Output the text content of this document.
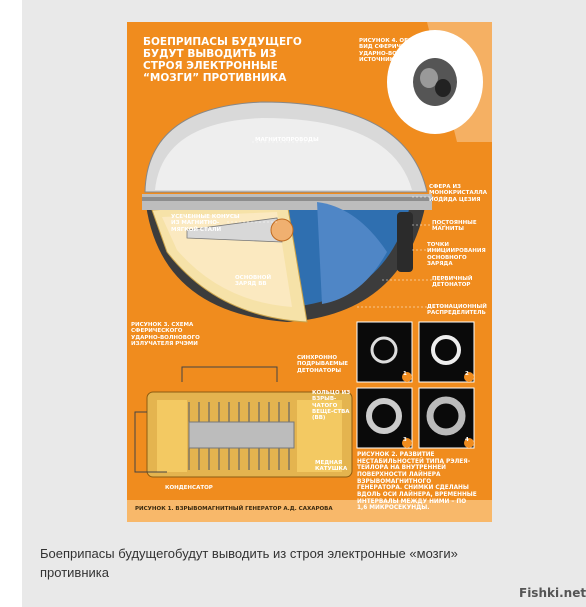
БОЕПРИПАСЫ БУДУЩЕГО БУДУТ ВЫВОДИТЬ ИЗ СТРОЯ ЭЛЕКТРОННЫЕ “МОЗГИ” ПРОТИВНИКА
РИСУНОК 4. ОБЩИЙ ВИД СФЕРИЧЕСКОГО УДАРНО-ВОЛНОВОГО ИСТОЧНИКА РЧЭМИ
МАГНИТОПРОВОДЫ
СФЕРА ИЗ МОНОКРИСТАЛЛА ИОДИДА ЦЕЗИЯ
ПОСТОЯННЫЕ МАГНИТЫ
ТОЧКИ ИНИЦИИРОВАНИЯ ОСНОВНОГО ЗАРЯДА
УСЕЧЕННЫЕ КОНУСЫ ИЗ МАГНИТНО-МЯГКОЙ СТАЛИ
ОСНОВНОЙ ЗАРЯД ВВ
ПЕРВИЧНЫЙ ДЕТОНАТОР
ДЕТОНАЦИОННЫЙ РАСПРЕДЕЛИТЕЛЬ
РИСУНОК 3. СХЕМА СФЕРИЧЕСКОГО УДАРНО-ВОЛНОВОГО ИЗЛУЧАТЕЛЯ РЧЭМИ
СИНХРОННО ПОДРЫВАЕМЫЕ ДЕТОНАТОРЫ
КОЛЬЦО ИЗ ВЗРЫВ-ЧАТОГО ВЕЩЕ-СТВА (ВВ)
МЕДНАЯ КАТУШКА
КОНДЕНСАТОР
РИСУНОК 2. РАЗВИТИЕ НЕСТАБИЛЬНОСТЕЙ ТИПА РЭЛЕЯ-ТЕЙЛОРА НА ВНУТРЕННЕЙ ПОВЕРХНОСТИ ЛАЙНЕРА ВЗРЫВОМАГНИТНОГО ГЕНЕРАТОРА. СНИМКИ СДЕЛАНЫ ВДОЛЬ ОСИ ЛАЙНЕРА, ВРЕМЕННЫЕ ИНТЕРВАЛЫ МЕЖДУ НИМИ – ПО 1,6 МИКРОСЕКУНДЫ.
РИСУНОК 1. ВЗРЫВОМАГНИТНЫЙ ГЕНЕРАТОР А.Д. САХАРОВА
1	2
3	4
Боеприпасы будущегобудут выводить из строя электронные «мозги» противника
Fishki.net
